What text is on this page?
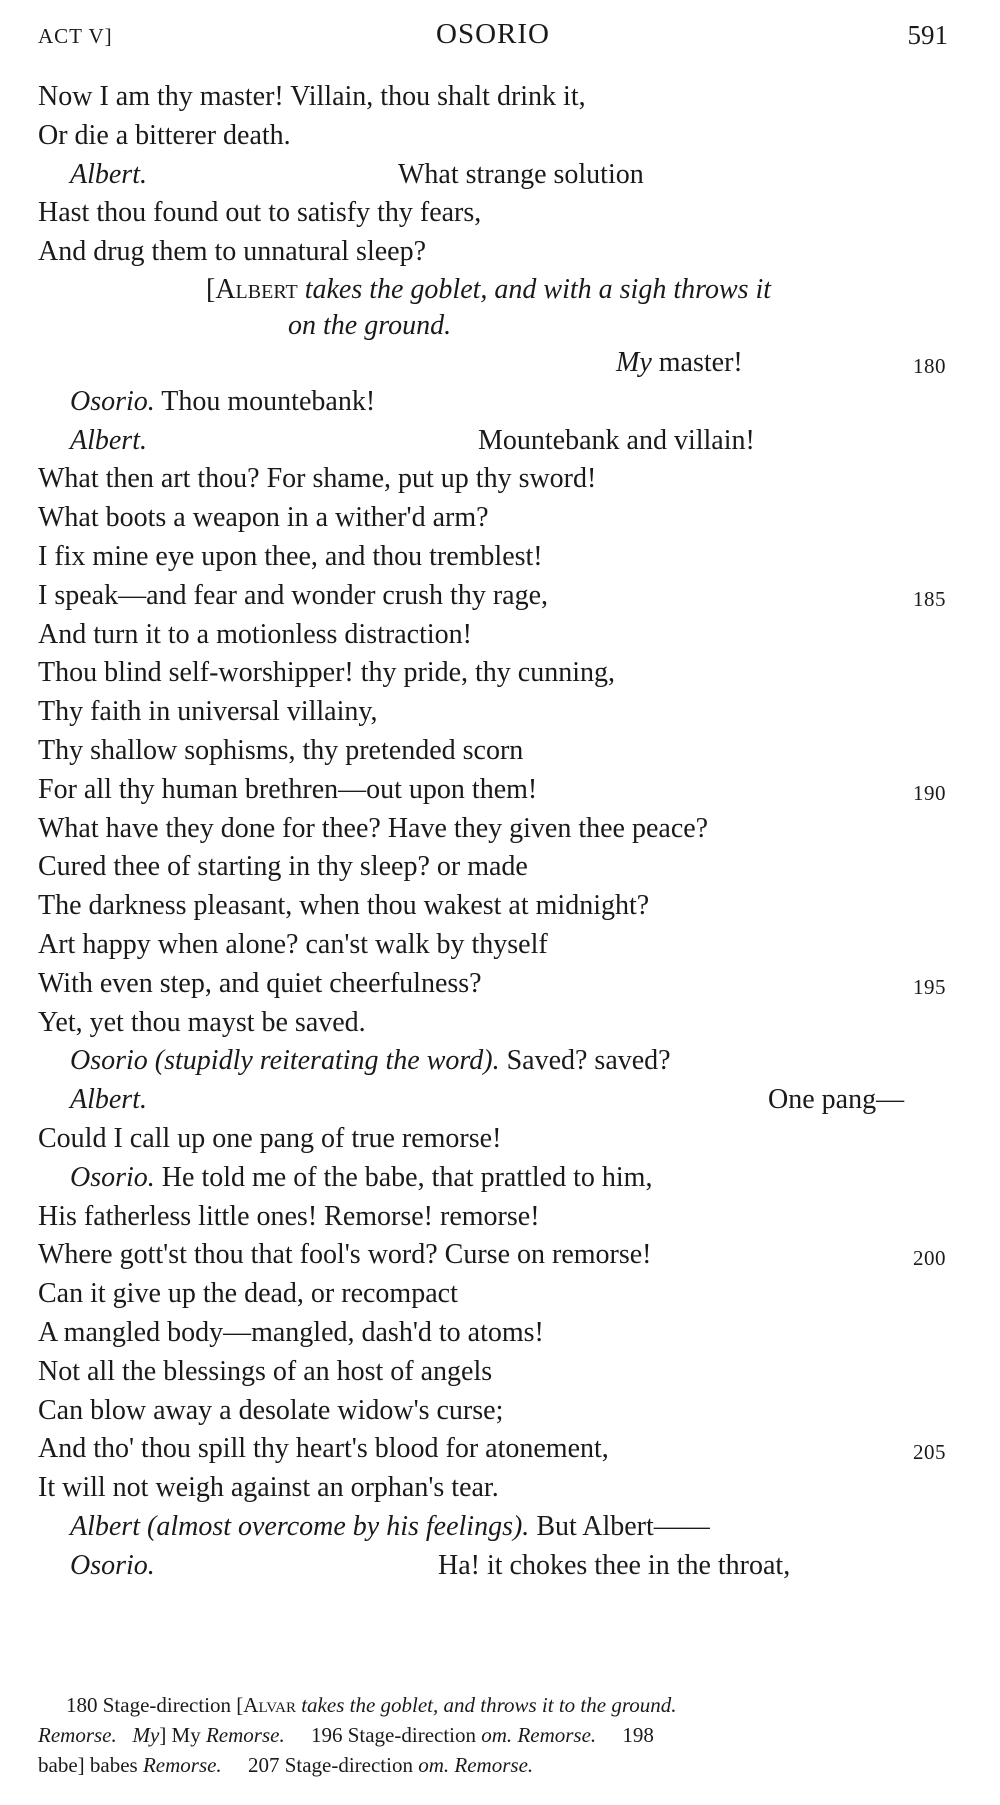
ACT V]	OSORIO	591
Now I am thy master! Villain, thou shalt drink it,
Or die a bitterer death.
Albert.	What strange solution
Hast thou found out to satisfy thy fears,
And drug them to unnatural sleep?
[Albert takes the goblet, and with a sigh throws it
on the ground.
My master!	180
Osorio. Thou mountebank!
Albert.	Mountebank and villain!
What then art thou? For shame, put up thy sword!
What boots a weapon in a wither'd arm?
I fix mine eye upon thee, and thou tremblest!
I speak—and fear and wonder crush thy rage,	185
And turn it to a motionless distraction!
Thou blind self-worshipper! thy pride, thy cunning,
Thy faith in universal villainy,
Thy shallow sophisms, thy pretended scorn
For all thy human brethren—out upon them!	190
What have they done for thee? Have they given thee peace?
Cured thee of starting in thy sleep? or made
The darkness pleasant, when thou wakest at midnight?
Art happy when alone? can'st walk by thyself
With even step, and quiet cheerfulness?	195
Yet, yet thou mayst be saved.
Osorio (stupidly reiterating the word). Saved? saved?
Albert.	One pang—
Could I call up one pang of true remorse!
Osorio. He told me of the babe, that prattled to him,
His fatherless little ones! Remorse! remorse!
Where gott'st thou that fool's word? Curse on remorse!	200
Can it give up the dead, or recompact
A mangled body—mangled, dash'd to atoms!
Not all the blessings of an host of angels
Can blow away a desolate widow's curse;
And tho' thou spill thy heart's blood for atonement,	205
It will not weigh against an orphan's tear.
Albert (almost overcome by his feelings). But Albert——
Osorio.	Ha! it chokes thee in the throat,
180 Stage-direction [Alvar takes the goblet, and throws it to the ground.
Remorse. My] My Remorse. 196 Stage-direction om. Remorse. 198
babe] babes Remorse. 207 Stage-direction om. Remorse.
